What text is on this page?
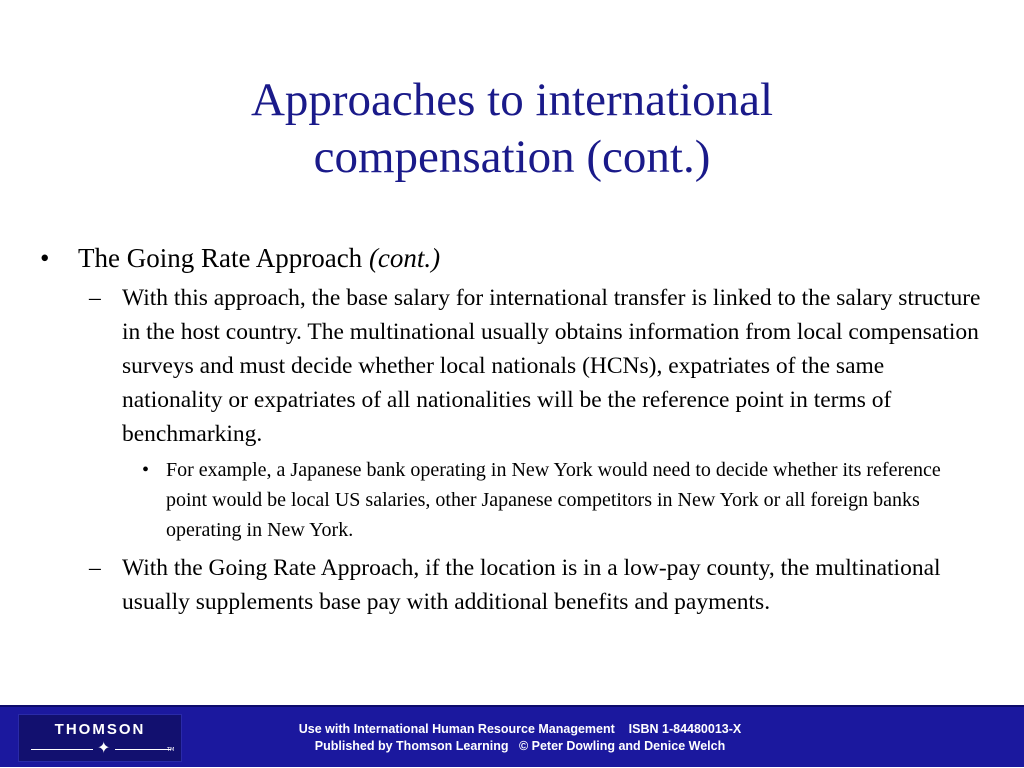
Approaches to international
compensation (cont.)
• The Going Rate Approach (cont.)
– With this approach, the base salary for international transfer is linked to the salary structure in the host country. The multinational usually obtains information from local compensation surveys and must decide whether local nationals (HCNs), expatriates of the same nationality or expatriates of all nationalities will be the reference point in terms of benchmarking.
• For example, a Japanese bank operating in New York would need to decide whether its reference point would be local US salaries, other Japanese competitors in New York or all foreign banks operating in New York.
– With the Going Rate Approach, if the location is in a low-pay county, the multinational usually supplements base pay with additional benefits and payments.
THOMSON
✦	TM
Use with International Human Resource Management    ISBN 1-84480013-X
Published by Thomson Learning   © Peter Dowling and Denice Welch
